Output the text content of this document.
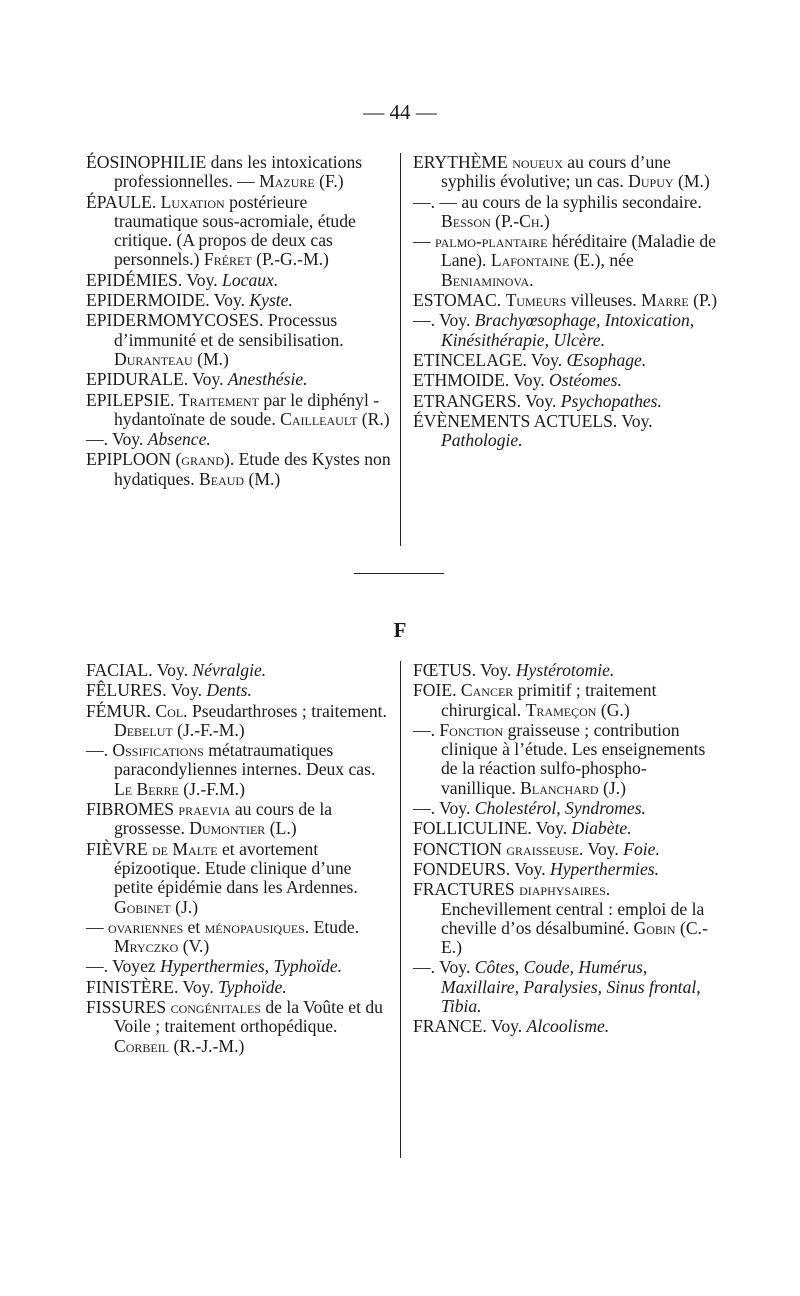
— 44 —

ÉOSINOPHILIE dans les intoxications professionnelles. — Mazure (F.)

ÉPAULE. Luxation postérieure traumatique sous-acromiale, étude critique. (A propos de deux cas personnels.) Fréret (P.-G.-M.)

EPIDÉMIES. Voy. Locaux.

EPIDERMOIDE. Voy. Kyste.

EPIDERMOMYCOSES. Processus d’immunité et de sensibilisation. Duranteau (M.)

EPIDURALE. Voy. Anesthésie.

EPILEPSIE. Traitement par le diphényl - hydantoïnate de soude. Cailleault (R.)

—. Voy. Absence.

EPIPLOON (grand). Etude des Kystes non hydatiques. Beaud (M.)

ERYTHÈME noueux au cours d’une syphilis évolutive; un cas. Dupuy (M.)

—. — au cours de la syphilis secondaire. Besson (P.-Ch.)

— palmo-plantaire héréditaire (Maladie de Lane). Lafontaine (E.), née Beniaminova.

ESTOMAC. Tumeurs villeuses. Marre (P.)

—. Voy. Brachyœsophage, Intoxication, Kinésithérapie, Ulcère.

ETINCELAGE. Voy. Œsophage.

ETHMOIDE. Voy. Ostéomes.

ETRANGERS. Voy. Psychopathes.

ÉVÈNEMENTS ACTUELS. Voy. Pathologie.

F

FACIAL. Voy. Névralgie.

FÊLURES. Voy. Dents.

FÉMUR. Col. Pseudarthroses ; traitement. Debelut (J.-F.-M.)

—. Ossifications métatraumatiques paracondyliennes internes. Deux cas. Le Berre (J.-F.M.)

FIBROMES praevia au cours de la grossesse. Dumontier (L.)

FIÈVRE de Malte et avortement épizootique. Etude clinique d’une petite épidémie dans les Ardennes. Gobinet (J.)

— ovariennes et ménopausiques. Etude. Mryczko (V.)

—. Voyez Hyperthermies, Typhoïde.

FINISTÈRE. Voy. Typhoïde.

FISSURES congénitales de la Voûte et du Voile ; traitement orthopédique. Corbeil (R.-J.-M.)

FŒTUS. Voy. Hystérotomie.

FOIE. Cancer primitif ; traitement chirurgical. Trameçon (G.)

—. Fonction graisseuse ; contribution clinique à l’étude. Les enseignements de la réaction sulfo-phospho-vanillique. Blanchard (J.)

—. Voy. Cholestérol, Syndromes.

FOLLICULINE. Voy. Diabète.

FONCTION graisseuse. Voy. Foie.

FONDEURS. Voy. Hyperthermies.

FRACTURES diaphysaires. Enchevillement central : emploi de la cheville d’os désalbuminé. Gobin (C.-E.)

—. Voy. Côtes, Coude, Humérus, Maxillaire, Paralysies, Sinus frontal, Tibia.

FRANCE. Voy. Alcoolisme.
